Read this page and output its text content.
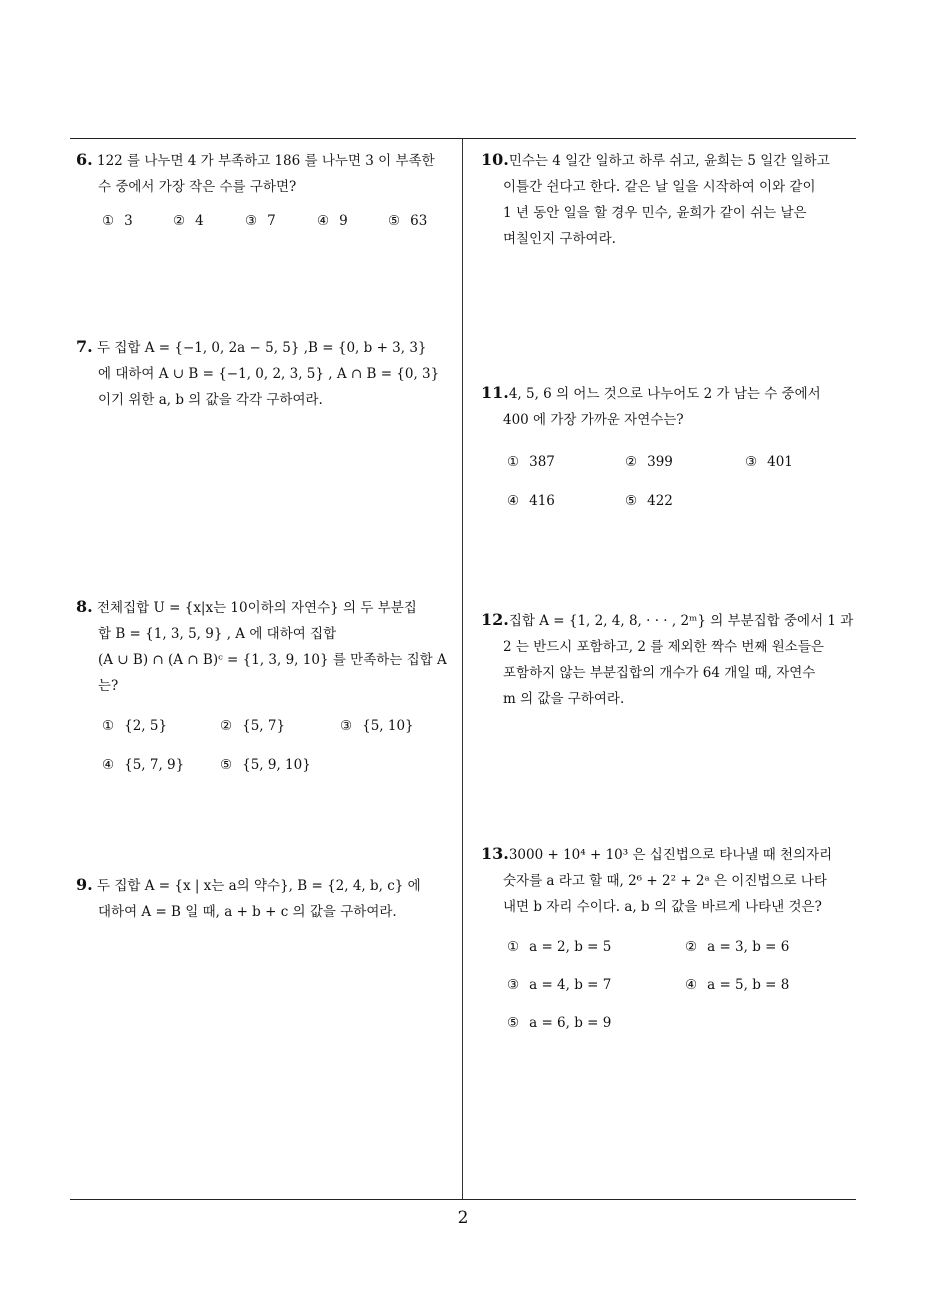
6. 122 를 나누면 4 가 부족하고 186 를 나누면 3 이 부족한
수 중에서 가장 작은 수를 구하면?
① 3	② 4	③ 7	④ 9	⑤ 63
7. 두 집합 A = {−1, 0, 2a − 5, 5} ,B = {0, b + 3, 3}
에 대하여 A ∪ B = {−1, 0, 2, 3, 5} , A ∩ B = {0, 3}
이기 위한 a, b 의 값을 각각 구하여라.
8. 전체집합 U = {x|x는 10이하의 자연수} 의 두 부분집
합 B = {1, 3, 5, 9} , A 에 대하여 집합
(A ∪ B) ∩ (A ∩ B)ᶜ = {1, 3, 9, 10} 를 만족하는 집합 A
는?
① {2, 5}	② {5, 7}	③ {5, 10}
④ {5, 7, 9}	⑤ {5, 9, 10}
9. 두 집합 A = {x | x는 a의 약수}, B = {2, 4, b, c} 에
대하여 A = B 일 때, a + b + c 의 값을 구하여라.
10.민수는 4 일간 일하고 하루 쉬고, 윤희는 5 일간 일하고
이틀간 쉰다고 한다. 같은 날 일을 시작하여 이와 같이
1 년 동안 일을 할 경우 민수, 윤희가 같이 쉬는 날은
며칠인지 구하여라.
11.4, 5, 6 의 어느 것으로 나누어도 2 가 남는 수 중에서
400 에 가장 가까운 자연수는?
① 387	② 399	③ 401
④ 416	⑤ 422
12.집합 A = {1, 2, 4, 8, · · · , 2ᵐ} 의 부분집합 중에서 1 과
2 는 반드시 포함하고, 2 를 제외한 짝수 번째 원소들은
포함하지 않는 부분집합의 개수가 64 개일 때, 자연수
m 의 값을 구하여라.
13.3000 + 10⁴ + 10³ 은 십진법으로 타나낼 때 천의자리
숫자를 a 라고 할 때, 2⁶ + 2² + 2ᵃ 은 이진법으로 나타
내면 b 자리 수이다. a, b 의 값을 바르게 나타낸 것은?
① a = 2, b = 5	② a = 3, b = 6
③ a = 4, b = 7	④ a = 5, b = 8
⑤ a = 6, b = 9
2
